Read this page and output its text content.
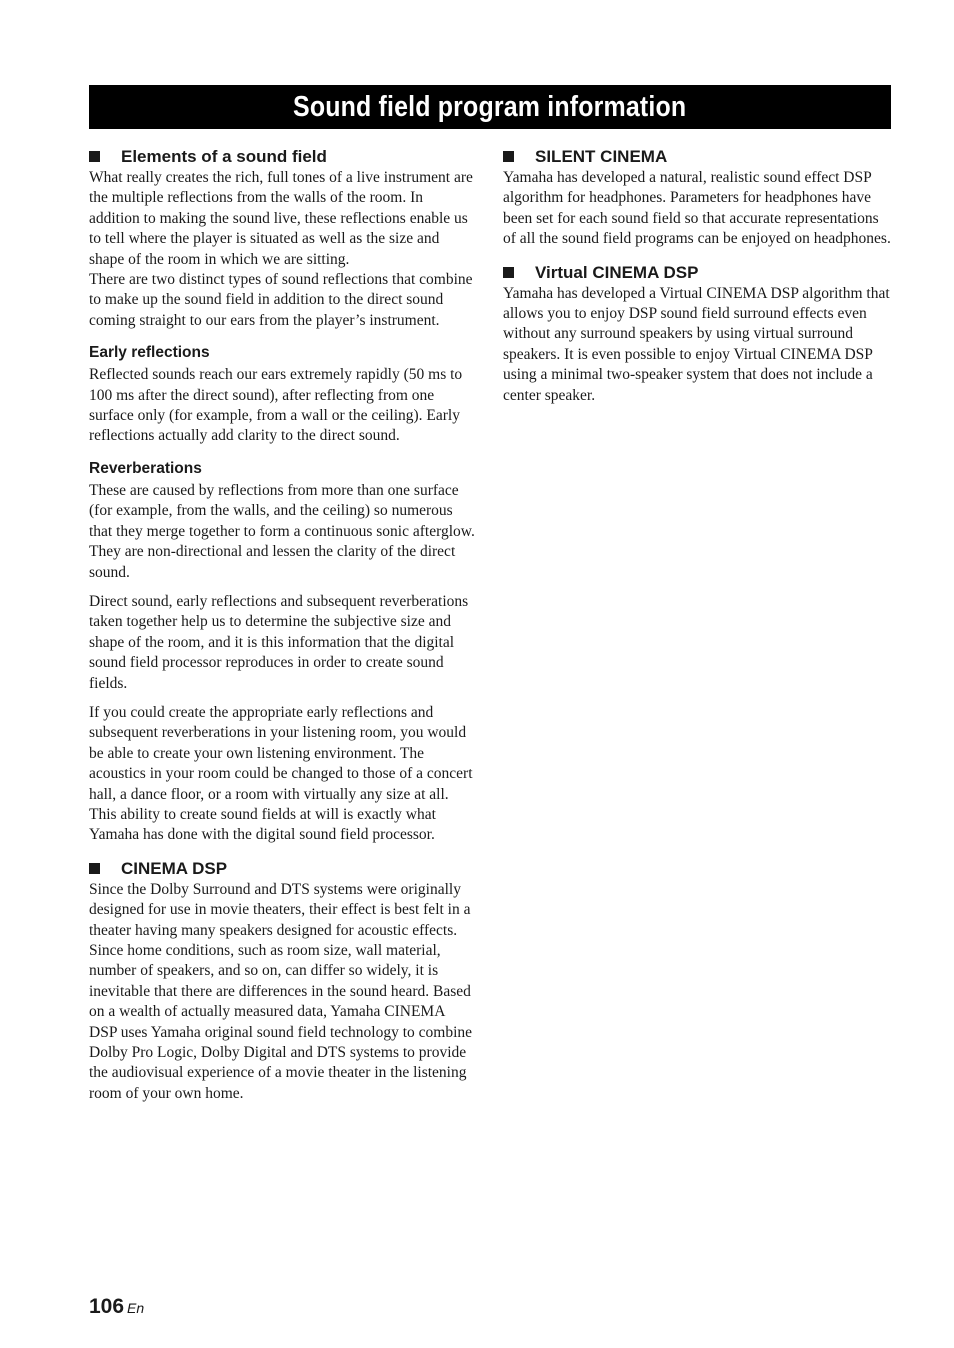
Sound field program information
Elements of a sound field

What really creates the rich, full tones of a live instrument are the multiple reflections from the walls of the room. In addition to making the sound live, these reflections enable us to tell where the player is situated as well as the size and shape of the room in which we are sitting.

There are two distinct types of sound reflections that combine to make up the sound field in addition to the direct sound coming straight to our ears from the player’s instrument.

Early reflections

Reflected sounds reach our ears extremely rapidly (50 ms to 100 ms after the direct sound), after reflecting from one surface only (for example, from a wall or the ceiling). Early reflections actually add clarity to the direct sound.

Reverberations

These are caused by reflections from more than one surface (for example, from the walls, and the ceiling) so numerous that they merge together to form a continuous sonic afterglow. They are non-directional and lessen the clarity of the direct sound.

Direct sound, early reflections and subsequent reverberations taken together help us to determine the subjective size and shape of the room, and it is this information that the digital sound field processor reproduces in order to create sound fields.

If you could create the appropriate early reflections and subsequent reverberations in your listening room, you would be able to create your own listening environment. The acoustics in your room could be changed to those of a concert hall, a dance floor, or a room with virtually any size at all. This ability to create sound fields at will is exactly what Yamaha has done with the digital sound field processor.

CINEMA DSP

Since the Dolby Surround and DTS systems were originally designed for use in movie theaters, their effect is best felt in a theater having many speakers designed for acoustic effects. Since home conditions, such as room size, wall material, number of speakers, and so on, can differ so widely, it is inevitable that there are differences in the sound heard. Based on a wealth of actually measured data, Yamaha CINEMA DSP uses Yamaha original sound field technology to combine Dolby Pro Logic, Dolby Digital and DTS systems to provide the audiovisual experience of a movie theater in the listening room of your own home.

SILENT CINEMA

Yamaha has developed a natural, realistic sound effect DSP algorithm for headphones. Parameters for headphones have been set for each sound field so that accurate representations of all the sound field programs can be enjoyed on headphones.

Virtual CINEMA DSP

Yamaha has developed a Virtual CINEMA DSP algorithm that allows you to enjoy DSP sound field surround effects even without any surround speakers by using virtual surround speakers. It is even possible to enjoy Virtual CINEMA DSP using a minimal two-speaker system that does not include a center speaker.

106 En
